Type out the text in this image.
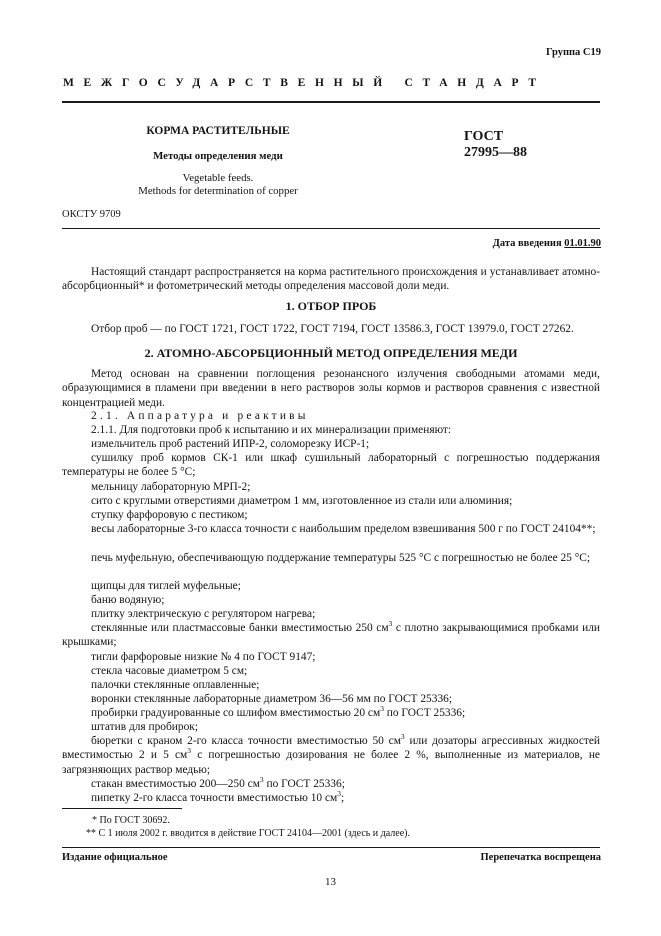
Группа С19
МЕЖГОСУДАРСТВЕННЫЙ СТАНДАРТ
КОРМА РАСТИТЕЛЬНЫЕ
Методы определения меди
Vegetable feeds.
Methods for determination of copper
ГОСТ
27995—88
ОКСТУ 9709
Дата введения 01.01.90
Настоящий стандарт распространяется на корма растительного происхождения и устанавливает атомно-абсорбционный* и фотометрический методы определения массовой доли меди.
1. ОТБОР ПРОБ
Отбор проб — по ГОСТ 1721, ГОСТ 1722, ГОСТ 7194, ГОСТ 13586.3, ГОСТ 13979.0, ГОСТ 27262.
2. АТОМНО-АБСОРБЦИОННЫЙ МЕТОД ОПРЕДЕЛЕНИЯ МЕДИ
Метод основан на сравнении поглощения резонансного излучения свободными атомами меди, образующимися в пламени при введении в него растворов золы кормов и растворов сравнения с известной концентрацией меди.
2.1. Аппаратура и реактивы
2.1.1. Для подготовки проб к испытанию и их минерализации применяют:
измельчитель проб растений ИПР-2, соломорезку ИСР-1;
сушилку проб кормов СК-1 или шкаф сушильный лабораторный с погрешностью поддержания температуры не более 5 °С;
мельницу лабораторную МРП-2;
сито с круглыми отверстиями диаметром 1 мм, изготовленное из стали или алюминия;
ступку фарфоровую с пестиком;
весы лабораторные 3-го класса точности с наибольшим пределом взвешивания 500 г по ГОСТ 24104**;
печь муфельную, обеспечивающую поддержание температуры 525 °С с погрешностью не более 25 °С;
щипцы для тиглей муфельные;
баню водяную;
плитку электрическую с регулятором нагрева;
стеклянные или пластмассовые банки вместимостью 250 $см^3$ с плотно закрывающимися пробками или крышками;
тигли фарфоровые низкие № 4 по ГОСТ 9147;
стекла часовые диаметром 5 см;
палочки стеклянные оплавленные;
воронки стеклянные лабораторные диаметром 36—56 мм по ГОСТ 25336;
пробирки градуированные со шлифом вместимостью 20 $см^3$ по ГОСТ 25336;
штатив для пробирок;
бюретки с краном 2-го класса точности вместимостью 50 $см^3$ или дозаторы агрессивных жидкостей вместимостью 2 и 5 $см^3$ с погрешностью дозирования не более 2 %, выполненные из материалов, не загрязняющих раствор медью;
стакан вместимостью 200—250 $см^3$ по ГОСТ 25336;
пипетку 2-го класса точности вместимостью 10 $см^3$;
* По ГОСТ 30692.
** С 1 июля 2002 г. вводится в действие ГОСТ 24104—2001 (здесь и далее).
Издание официальное	Перепечатка воспрещена
13
